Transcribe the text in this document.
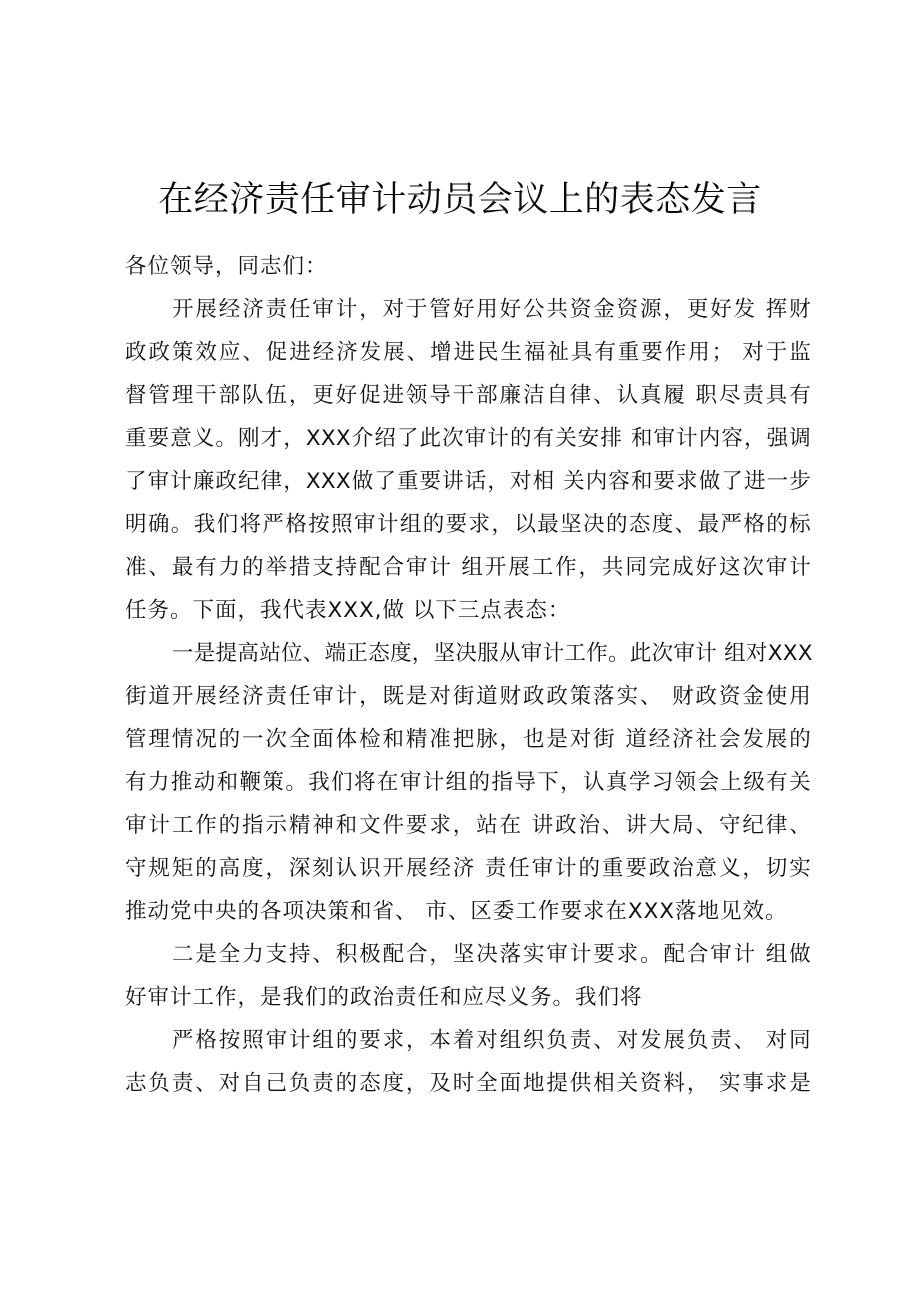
在经济责任审计动员会议上的表态发言
各位领导，同志们：
开展经济责任审计，对于管好用好公共资金资源，更好发 挥财
政政策效应、促进经济发展、增进民生福祉具有重要作用； 对于监
督管理干部队伍，更好促进领导干部廉洁自律、认真履 职尽责具有
重要意义。刚才，XXX介绍了此次审计的有关安排 和审计内容，强调
了审计廉政纪律，XXX做了重要讲话，对相 关内容和要求做了进一步
明确。我们将严格按照审计组的要求，以最坚决的态度、最严格的标
准、最有力的举措支持配合审计 组开展工作，共同完成好这次审计
任务。下面，我代表XXX,做 以下三点表态：
一是提高站位、端正态度，坚决服从审计工作。此次审计 组对XXX
街道开展经济责任审计，既是对街道财政政策落实、 财政资金使用
管理情况的一次全面体检和精准把脉，也是对街 道经济社会发展的
有力推动和鞭策。我们将在审计组的指导下，认真学习领会上级有关
审计工作的指示精神和文件要求，站在 讲政治、讲大局、守纪律、
守规矩的高度，深刻认识开展经济 责任审计的重要政治意义，切实
推动党中央的各项决策和省、 市、区委工作要求在XXX落地见效。
二是全力支持、积极配合，坚决落实审计要求。配合审计 组做
好审计工作，是我们的政治责任和应尽义务。我们将
严格按照审计组的要求，本着对组织负责、对发展负责、 对同
志负责、对自己负责的态度，及时全面地提供相关资料， 实事求是
